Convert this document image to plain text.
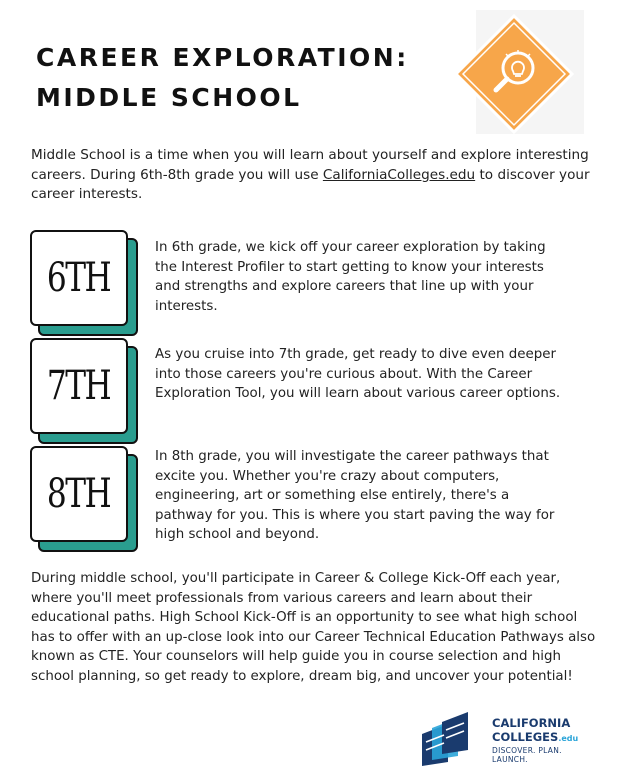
CAREER EXPLORATION:
MIDDLE SCHOOL

Middle School is a time when you will learn about yourself and explore interesting careers. During 6th-8th grade you will use CaliforniaColleges.edu to discover your career interests.

6TH

In 6th grade, we kick off your career exploration by taking the Interest Profiler to start getting to know your interests and strengths and explore careers that line up with your interests.

7TH

As you cruise into 7th grade, get ready to dive even deeper into those careers you're curious about. With the Career Exploration Tool, you will learn about various career options.

8TH

In 8th grade, you will investigate the career pathways that excite you. Whether you're crazy about computers, engineering, art or something else entirely, there's a pathway for you. This is where you start paving the way for high school and beyond.

During middle school, you'll participate in Career & College Kick-Off each year, where you'll meet professionals from various careers and learn about their educational paths. High School Kick-Off is an opportunity to see what high school has to offer with an up-close look into our Career Technical Education Pathways also known as CTE. Your counselors will help guide you in course selection and high school planning, so get ready to explore, dream big, and uncover your potential!

CALIFORNIA
COLLEGES.edu

DISCOVER. PLAN. LAUNCH.
